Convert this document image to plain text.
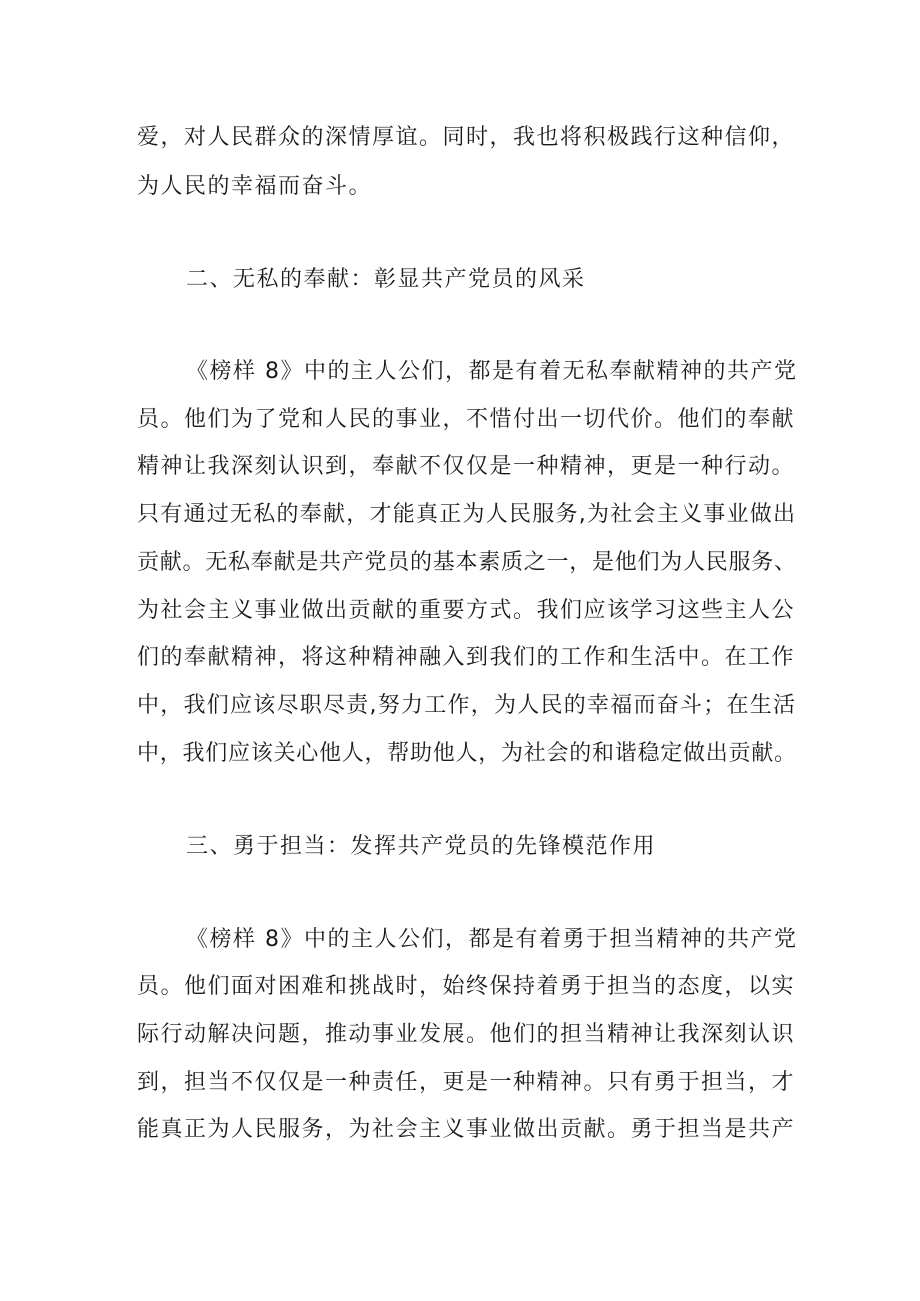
爱，对人民群众的深情厚谊。同时，我也将积极践行这种信仰，
为人民的幸福而奋斗。
二、无私的奉献：彰显共产党员的风采
《榜样 8》中的主人公们，都是有着无私奉献精神的共产党
员。他们为了党和人民的事业，不惜付出一切代价。他们的奉献
精神让我深刻认识到，奉献不仅仅是一种精神，更是一种行动。
只有通过无私的奉献，才能真正为人民服务,为社会主义事业做出
贡献。无私奉献是共产党员的基本素质之一，是他们为人民服务、
为社会主义事业做出贡献的重要方式。我们应该学习这些主人公
们的奉献精神，将这种精神融入到我们的工作和生活中。在工作
中，我们应该尽职尽责,努力工作，为人民的幸福而奋斗；在生活
中，我们应该关心他人，帮助他人，为社会的和谐稳定做出贡献。
三、勇于担当：发挥共产党员的先锋模范作用
《榜样 8》中的主人公们，都是有着勇于担当精神的共产党
员。他们面对困难和挑战时，始终保持着勇于担当的态度，以实
际行动解决问题，推动事业发展。他们的担当精神让我深刻认识
到，担当不仅仅是一种责任，更是一种精神。只有勇于担当，才
能真正为人民服务，为社会主义事业做出贡献。勇于担当是共产
